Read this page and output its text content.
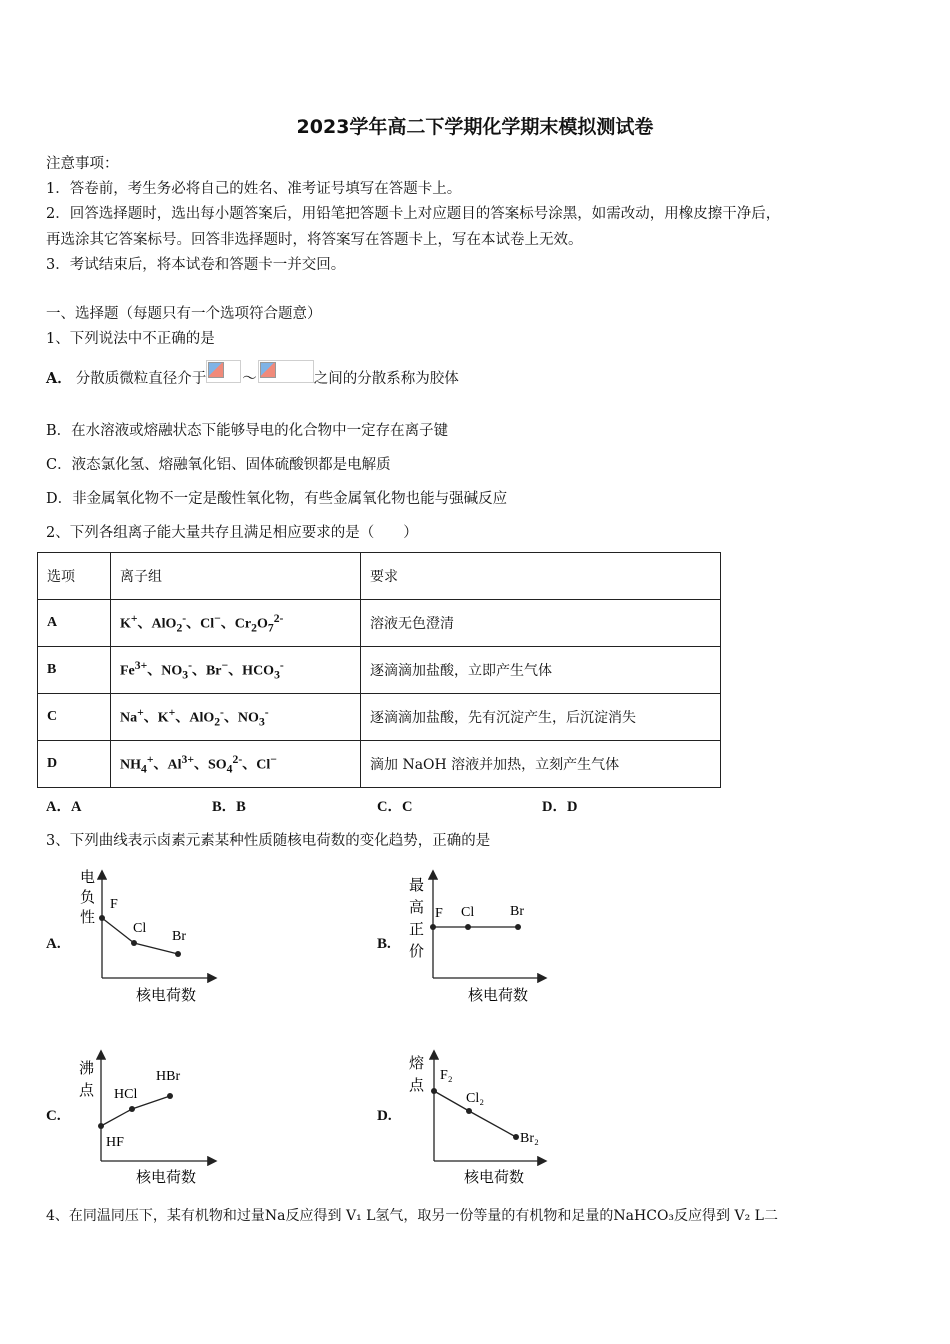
2023学年高二下学期化学期末模拟测试卷
注意事项：
1．答卷前，考生务必将自己的姓名、准考证号填写在答题卡上。
2．回答选择题时，选出每小题答案后，用铅笔把答题卡上对应题目的答案标号涂黑，如需改动，用橡皮擦干净后，
再选涂其它答案标号。回答非选择题时，将答案写在答题卡上，写在本试卷上无效。
3．考试结束后，将本试卷和答题卡一并交回。
一、选择题（每题只有一个选项符合题意）
1、下列说法中不正确的是
A． 分散质微粒直径介于 ～	之间的分散系称为胶体
B．在水溶液或熔融状态下能够导电的化合物中一定存在离子键
C．液态氯化氢、熔融氧化铝、固体硫酸钡都是电解质
D．非金属氧化物不一定是酸性氧化物，有些金属氧化物也能与强碱反应
2、下列各组离子能大量共存且满足相应要求的是（　　）
选项	离子组	要求
A	K+、AlO$_2$-、Cl−、$Cr_2O_7^{2-}$	溶液无色澄清
B	$Fe^{3+}$、$NO_3^-$、Br−、$HCO_3^-$	逐滴滴加盐酸，立即产生气体
C	Na+、K+、AlO$_2$-、$NO_3^-$	逐滴滴加盐酸，先有沉淀产生，后沉淀消失
D	$NH_4^+$、$Al^{3+}$、$SO_4^{2-}$、Cl−	滴加 NaOH 溶液并加热，立刻产生气体
A．A	B．B	C．C	D．D
3、下列曲线表示卤素元素某种性质随核电荷数的变化趋势，正确的是
A.
电
负
性
F
Cl
Br
核电荷数
B.
最
高
正
价
F Cl	Br
核电荷数
C.
沸
点
HF
HCl
HBr
核电荷数
D.
熔
点
F₂
Cl₂
Br₂
核电荷数
4、在同温同压下，某有机物和过量Na反应得到 V₁ L氢气，取另一份等量的有机物和足量的NaHCO₃反应得到 V₂ L二
